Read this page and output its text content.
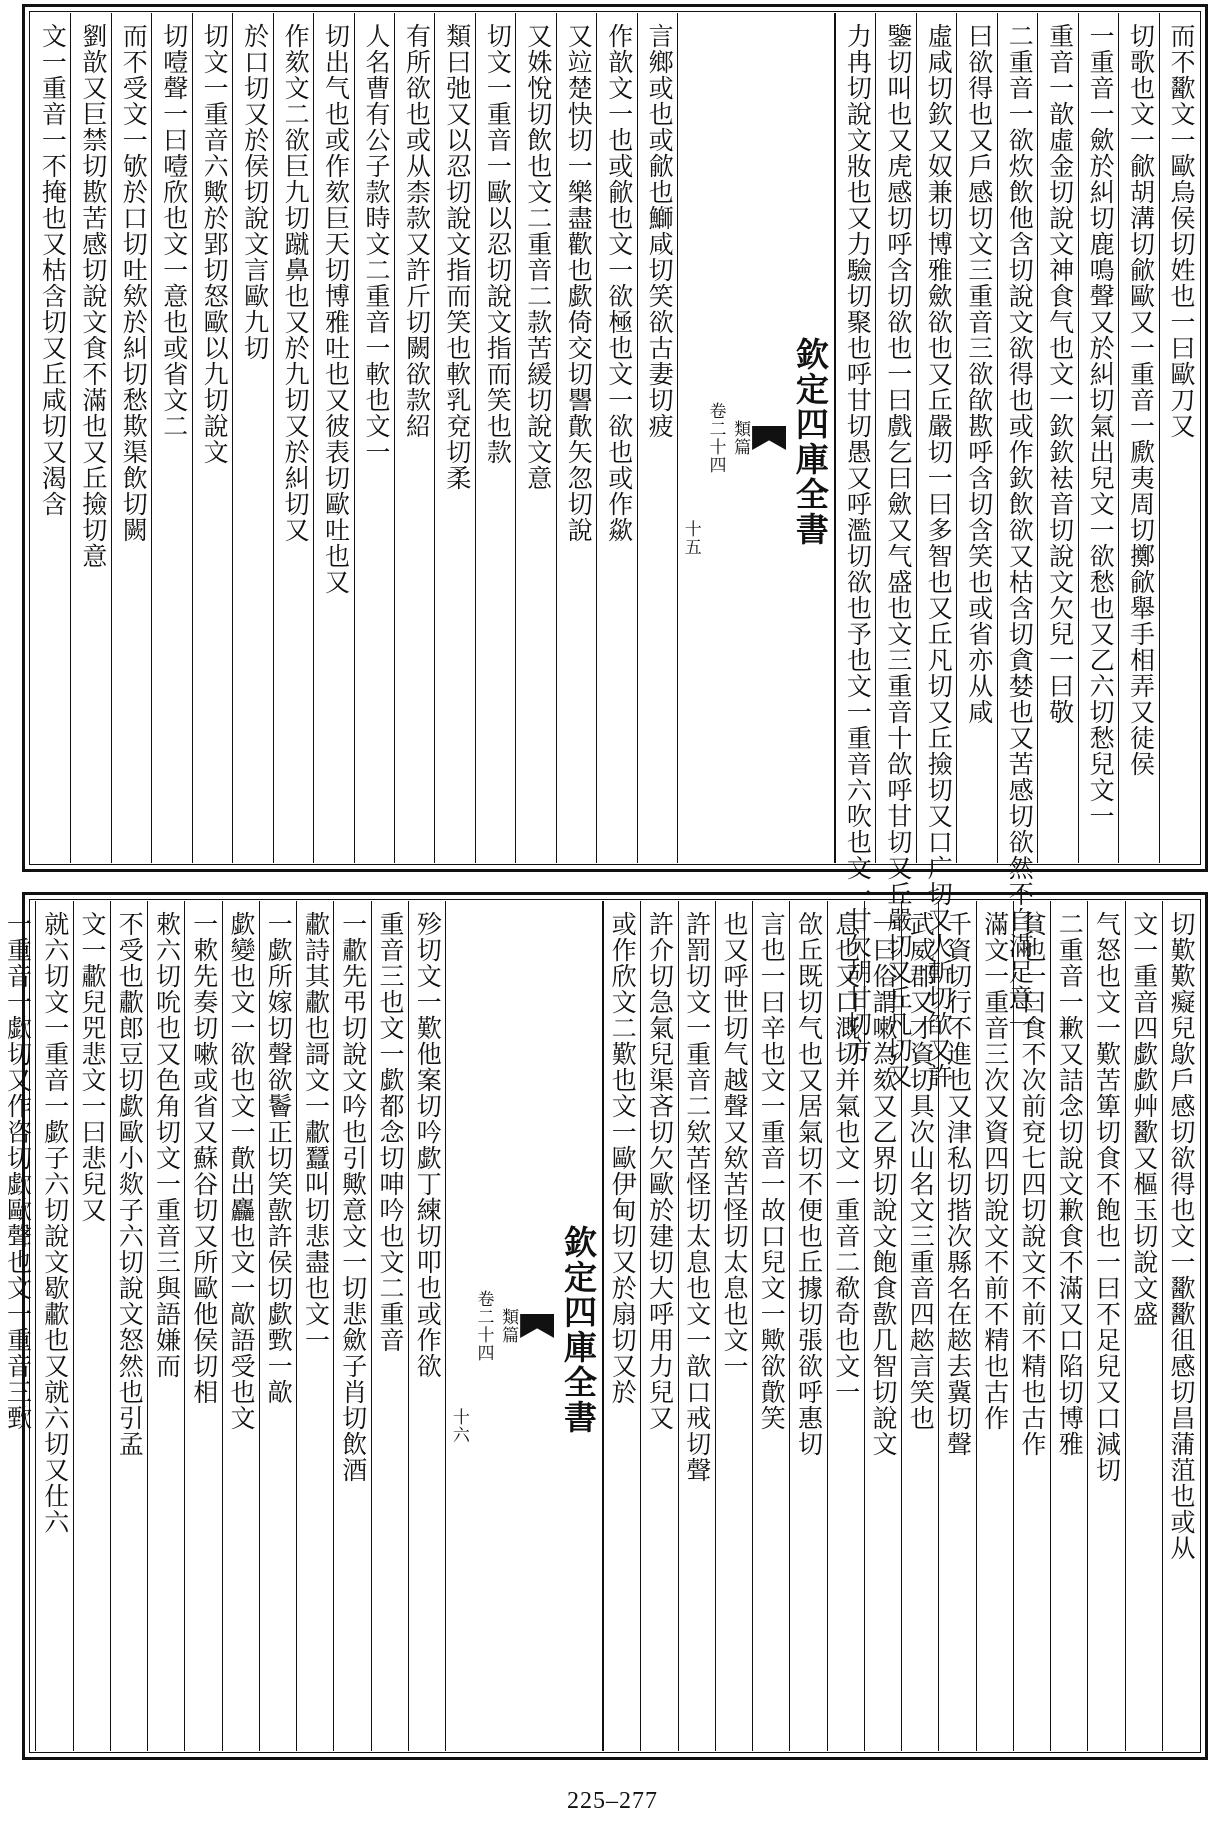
而不歠文一歐烏侯切姓也一曰歐刀又
切歌也文一歈胡溝切歈歐又一重音一歋夷周切擲歈舉手相弄又徒侯
一重音一歛於糾切鹿鳴聲又於糾切氣出兒文一欲愁也又乙六切愁兒文一
重音一歆虛金切說文神食气也文一欽欽袪音切說文欠兒一曰敬
二重音一欲炊飲他含切說文欲得也或作欽飲欲又枯含切貪婪也又苦感切欲然不自滿足意一
曰欲得也又戶感切文三重音三欲欿歁呼含切含笑也或省亦从咸
虛咸切欽又奴兼切博雅歛欲也又丘嚴切一曰多智也又丘凡切又丘撿切又口广切又火斬切欿又許
鑒切叫也又虎感切呼含切欲也一曰戲乞曰歛又气盛也文三重音十欱呼甘切又丘嚴切又丘凡切又
力冉切說文妝也又力驗切聚也呼甘切愚又呼濫切欲也予也文一重音六吹也文一甘欠胡甘切方
欽定四庫全書
類篇
卷二十四
十五
言鄉或也或歈也鰤咸切笑欲古妻切疲
作歆文一也或歈也文一欲極也文一欲也或作歘
又竝楚快切一樂盡歡也歔倚交切譻歕矢忽切說
又姝悅切飲也文二重音二款苦緩切說文意
切文一重音一歐以忍切說文指而笑也款
類曰弛又以忍切說文指而笑也軟乳兗切柔
有所欲也或从柰款又許斤切闕欲款紹
人名曹有公子款時文二重音一軟也文一
切出气也或作欬巨天切博雅吐也又彼表切歐吐也又
作欬文二欲巨九切蹴鼻也又於九切又於糾切又
於口切又於侯切說文言歐九切
切文一重音六歟於郢切怒歐以九切說文
切噎聲一曰噎欣也文一意也或省文二
而不受文一欨於口切吐欸於糾切愁欺渠飲切闕
劉歆又巨禁切歁苦感切說文食不滿也又丘撿切意
文一重音一不掩也又枯含切又丘咸切又渴含
切歎歎癡兒歍戶感切欲得也文一歠歠徂感切昌蒲菹也或从
文一重音四歔歔艸歠又樞玉切說文盛
气怒也文一歎苦箄切食不飽也一曰不足兒又口減切
二重音一歉又詰念切說文歉食不滿又口陷切博雅
貧也一曰食不次前兗七四切說文不前不精也古作
滿文一重音三次又資四切說文不前不精也古作
千資切行不進也又津私切揩次縣名在趑去冀切聲
武威郡又才資切具次山名文三重音四趑言笑也
一曰俗謂嗽為欬又乙界切說文飽食歖几智切說文
息也又口溉切并氣也文一重音二欷奇也文一
欱丘既切气也又居氣切不便也丘據切張欲呼惠切
言也一曰辛也文一重音一故口兒文一歟欲歕笑
也又呼世切气越聲又欸苦怪切太息也文一
許罰切文一重音二欸苦怪切太息也文一歆口戒切聲
許介切急氣兒渠吝切欠歐於建切大呼用力兒又
或作欣文二歎也文一歐伊甸切又於扇切又於
欽定四庫全書
類篇
卷二十四
十六
殄切文一歎他案切吟歔丁練切叩也或作欲
重音三也文一歔都念切呻吟也文二重音
一歗先弔切說文吟也引歟意文一切悲歛子肖切飲酒
歗詩其歗也謌文一歗蠶叫切悲盡也文一
一歔所嫁切聲欲鬠正切笑歖許侯切歔歅一歊
歔變也文一欲也文一歕出麤也文一歊語受也文
一欶先奏切嗽或省又蘇谷切又所歐他侯切相
欶六切吮也又色角切文一重音三與語嫌而
不受也歗郎豆切歔歐小欻子六切說文怒然也引孟
文一歗兒兕悲文一曰悲兒又
就六切文一重音一歔子六切說文歇歗也又就六切又仕六
一重音一歔切又作咨切歔歐聲也文一重音三歅
225–277
